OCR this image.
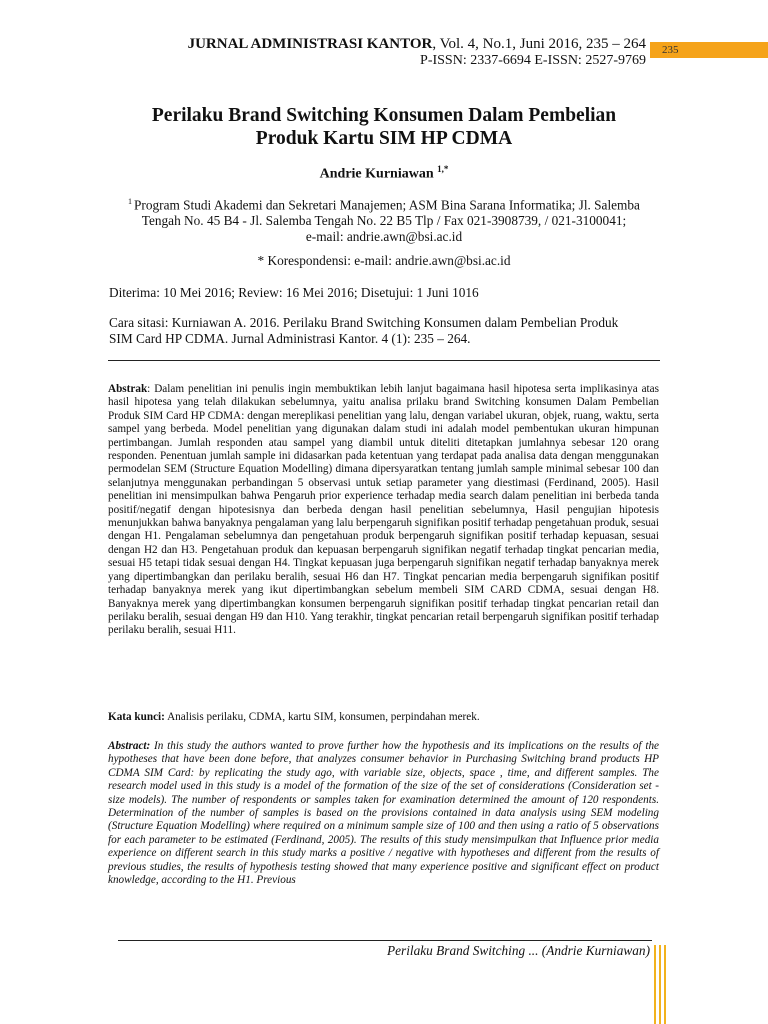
JURNAL ADMINISTRASI KANTOR, Vol. 4, No.1, Juni 2016, 235 – 264
P-ISSN: 2337-6694 E-ISSN: 2527-9769
235
Perilaku Brand Switching Konsumen Dalam Pembelian
Produk Kartu SIM HP CDMA
Andrie Kurniawan $^{1,*}$
$^1$ Program Studi Akademi dan Sekretari Manajemen; ASM Bina Sarana Informatika; Jl. Salemba
Tengah No. 45 B4 - Jl. Salemba Tengah No. 22 B5 Tlp / Fax 021-3908739, / 021-3100041;
e-mail: andrie.awn@bsi.ac.id
* Korespondensi: e-mail: andrie.awn@bsi.ac.id
Diterima: 10 Mei 2016; Review: 16 Mei 2016; Disetujui: 1 Juni 1016
Cara sitasi: Kurniawan A. 2016. Perilaku Brand Switching Konsumen dalam Pembelian Produk
SIM Card HP CDMA. Jurnal Administrasi Kantor. 4 (1): 235 – 264.
Abstrak: Dalam penelitian ini penulis ingin membuktikan lebih lanjut bagaimana hasil hipotesa serta implikasinya atas hasil hipotesa yang telah dilakukan sebelumnya, yaitu analisa prilaku brand Switching konsumen Dalam Pembelian Produk SIM Card HP CDMA: dengan mereplikasi penelitian yang lalu, dengan variabel ukuran, objek, ruang, waktu, serta sampel yang berbeda. Model penelitian yang digunakan dalam studi ini adalah model pembentukan ukuran himpunan pertimbangan. Jumlah responden atau sampel yang diambil untuk diteliti ditetapkan jumlahnya sebesar 120 orang responden. Penentuan jumlah sample ini didasarkan pada ketentuan yang terdapat pada analisa data dengan menggunakan permodelan SEM (Structure Equation Modelling) dimana dipersyaratkan tentang jumlah sample minimal sebesar 100 dan selanjutnya menggunakan perbandingan 5 observasi untuk setiap parameter yang diestimasi (Ferdinand, 2005). Hasil penelitian ini mensimpulkan bahwa Pengaruh prior experience terhadap media search dalam penelitian ini berbeda tanda positif/negatif dengan hipotesisnya dan berbeda dengan hasil penelitian sebelumnya, Hasil pengujian hipotesis menunjukkan bahwa banyaknya pengalaman yang lalu berpengaruh signifikan positif terhadap pengetahuan produk, sesuai dengan H1. Pengalaman sebelumnya dan pengetahuan produk berpengaruh signifikan positif terhadap kepuasan, sesuai dengan H2 dan H3. Pengetahuan produk dan kepuasan berpengaruh signifikan negatif terhadap tingkat pencarian media, sesuai H5 tetapi tidak sesuai dengan H4. Tingkat kepuasan juga berpengaruh signifikan negatif terhadap banyaknya merek yang dipertimbangkan dan perilaku beralih, sesuai H6 dan H7. Tingkat pencarian media berpengaruh signifikan positif terhadap banyaknya merek yang ikut dipertimbangkan sebelum membeli SIM CARD CDMA, sesuai dengan H8. Banyaknya merek yang dipertimbangkan konsumen berpengaruh signifikan positif terhadap tingkat pencarian retail dan perilaku beralih, sesuai dengan H9 dan H10. Yang terakhir, tingkat pencarian retail berpengaruh signifikan positif terhadap perilaku beralih, sesuai H11.
Kata kunci: Analisis perilaku, CDMA, kartu SIM, konsumen, perpindahan merek.
Abstract: In this study the authors wanted to prove further how the hypothesis and its implications on the results of the hypotheses that have been done before, that analyzes consumer behavior in Purchasing Switching brand products HP CDMA SIM Card: by replicating the study ago, with variable size, objects, space , time, and different samples. The research model used in this study is a model of the formation of the size of the set of considerations (Consideration set -size models). The number of respondents or samples taken for examination determined the amount of 120 respondents. Determination of the number of samples is based on the provisions contained in data analysis using SEM modeling (Structure Equation Modelling) where required on a minimum sample size of 100 and then using a ratio of 5 observations for each parameter to be estimated (Ferdinand, 2005). The results of this study mensimpulkan that Influence prior media experience on different search in this study marks a positive / negative with hypotheses and different from the results of previous studies, the results of hypothesis testing showed that many experience positive and significant effect on product knowledge, according to the H1. Previous
Perilaku Brand Switching ... (Andrie Kurniawan)
